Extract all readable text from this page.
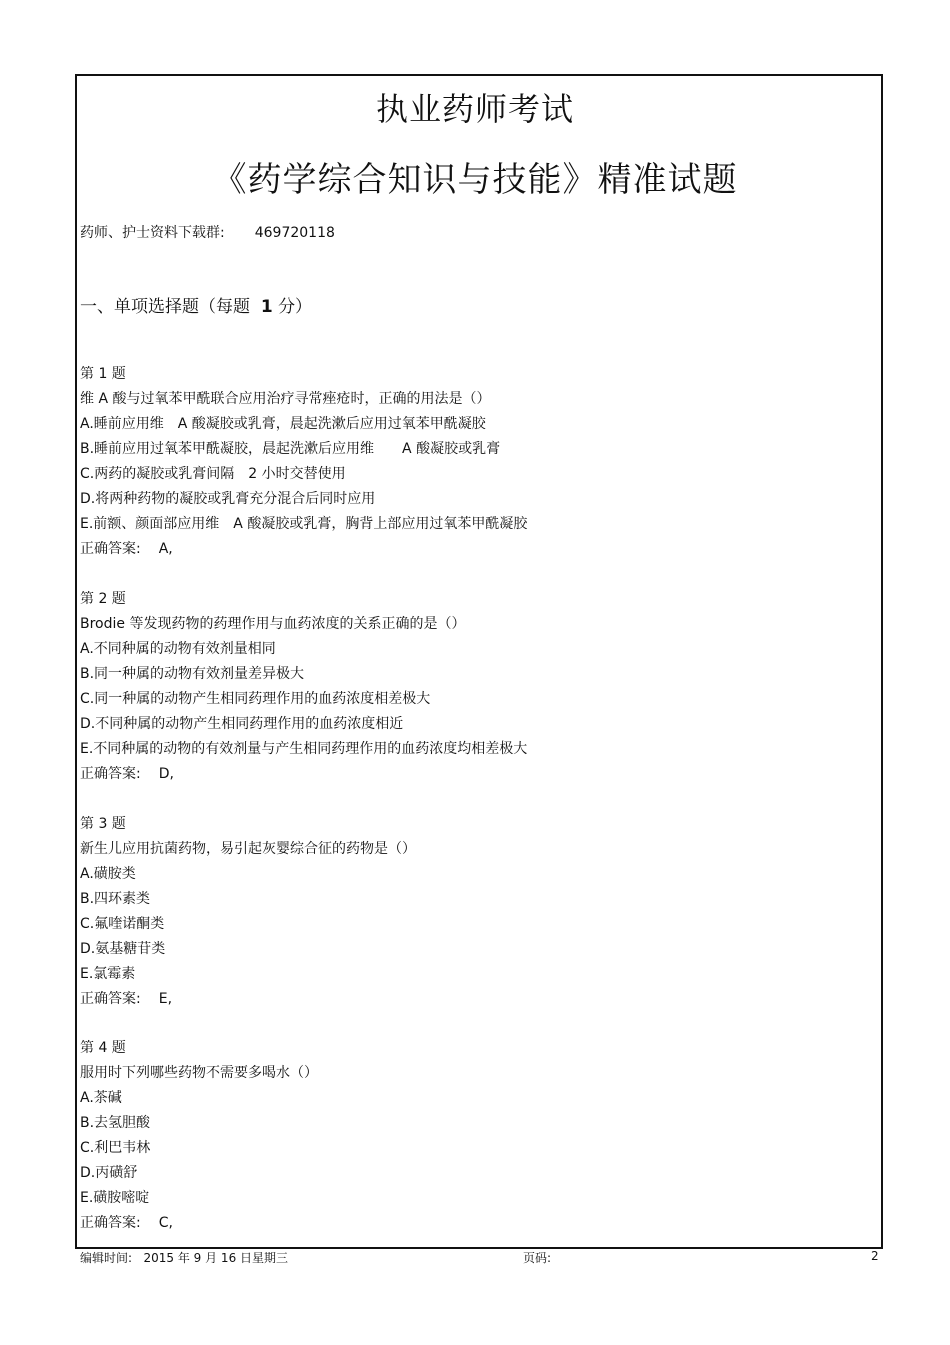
执业药师考试
《药学综合知识与技能》精准试题
药师、护士资料下载群: 469720118
一、单项选择题（每题 1 分）
第 1 题
维 A 酸与过氧苯甲酰联合应用治疗寻常痤疮时，正确的用法是（）
A.睡前应用维　A 酸凝胶或乳膏，晨起洗漱后应用过氧苯甲酰凝胶
B.睡前应用过氧苯甲酰凝胶，晨起洗漱后应用维　　A 酸凝胶或乳膏
C.两药的凝胶或乳膏间隔　2 小时交替使用
D.将两种药物的凝胶或乳膏充分混合后同时应用
E.前额、颜面部应用维　A 酸凝胶或乳膏，胸背上部应用过氧苯甲酰凝胶
正确答案: A,
第 2 题
Brodie 等发现药物的药理作用与血药浓度的关系正确的是（）
A.不同种属的动物有效剂量相同
B.同一种属的动物有效剂量差异极大
C.同一种属的动物产生相同药理作用的血药浓度相差极大
D.不同种属的动物产生相同药理作用的血药浓度相近
E.不同种属的动物的有效剂量与产生相同药理作用的血药浓度均相差极大
正确答案: D,
第 3 题
新生儿应用抗菌药物，易引起灰婴综合征的药物是（）
A.磺胺类
B.四环素类
C.氟喹诺酮类
D.氨基糖苷类
E.氯霉素
正确答案: E,
第 4 题
服用时下列哪些药物不需要多喝水（）
A.茶碱
B.去氢胆酸
C.利巴韦林
D.丙磺舒
E.磺胺嘧啶
正确答案: C,
编辑时间: 2015 年 9 月 16 日星期三	页码:	2
